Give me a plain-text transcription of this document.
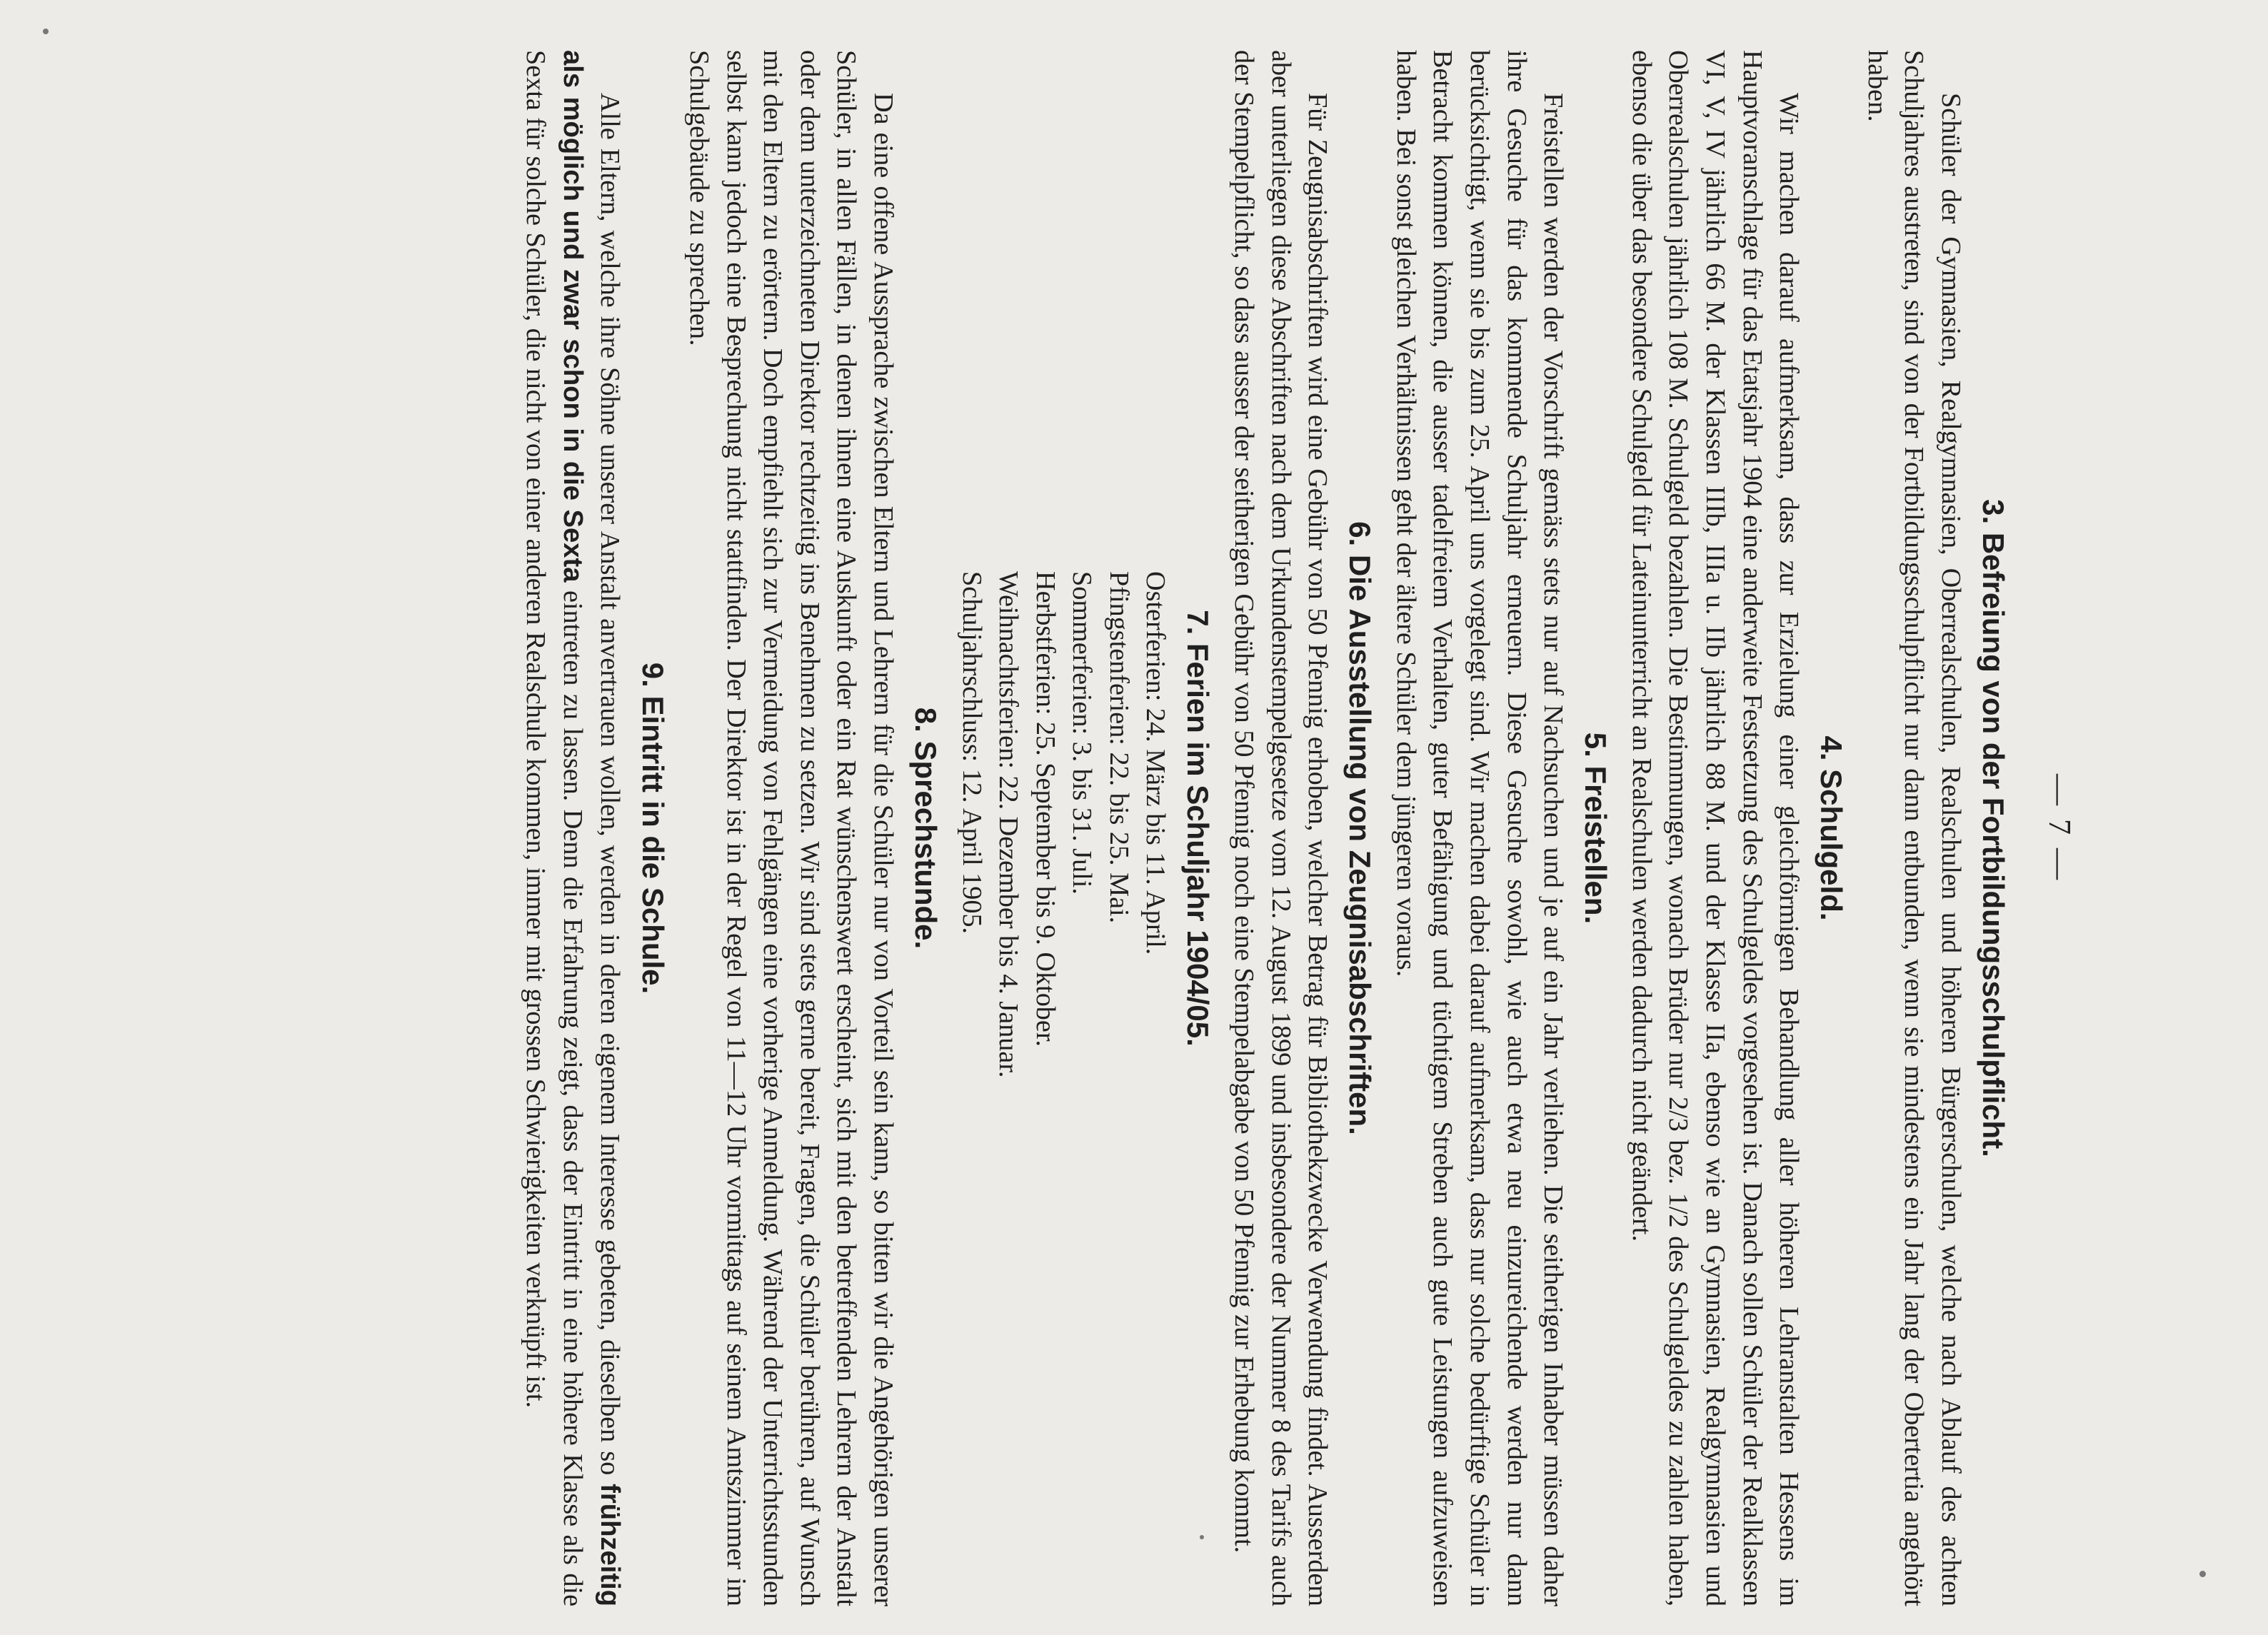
— 7 —
3. Befreiung von der Fortbildungsschulpflicht.

Schüler der Gymnasien, Realgymnasien, Oberrealschulen, Realschulen und höheren Bürgerschulen, welche nach Ablauf des achten Schuljahres austreten, sind von der Fortbildungsschulpflicht nur dann entbunden, wenn sie mindestens ein Jahr lang der Obertertia angehört haben.

4. Schulgeld.

Wir machen darauf aufmerksam, dass zur Erzielung einer gleichförmigen Behandlung aller höheren Lehranstalten Hessens im Hauptvoranschlage für das Etatsjahr 1904 eine anderweite Festsetzung des Schulgeldes vorgesehen ist. Danach sollen Schüler der Realklassen VI, V, IV jährlich 66 M. der Klassen IIIb, IIIa u. IIb jährlich 88 M. und der Klasse IIa, ebenso wie an Gymnasien, Realgymnasien und Oberrealschulen jährlich 108 M. Schulgeld bezahlen. Die Bestimmungen, wonach Brüder nur 2/3 bez. 1/2 des Schulgeldes zu zahlen haben, ebenso die über das besondere Schulgeld für Lateinunterricht an Realschulen werden dadurch nicht geändert.

5. Freistellen.

Freistellen werden der Vorschrift gemäss stets nur auf Nachsuchen und je auf ein Jahr verliehen. Die seitherigen Inhaber müssen daher ihre Gesuche für das kommende Schuljahr erneuern. Diese Gesuche sowohl, wie auch etwa neu einzureichende werden nur dann berücksichtigt, wenn sie bis zum 25. April uns vorgelegt sind. Wir machen dabei darauf aufmerksam, dass nur solche bedürftige Schüler in Betracht kommen können, die ausser tadelfreiem Verhalten, guter Befähigung und tüchtigem Streben auch gute Leistungen aufzuweisen haben. Bei sonst gleichen Verhältnissen geht der ältere Schüler dem jüngeren voraus.

6. Die Ausstellung von Zeugnisabschriften.

Für Zeugnisabschriften wird eine Gebühr von 50 Pfennig erhoben, welcher Betrag für Bibliothekzwecke Verwendung findet. Ausserdem aber unterliegen diese Abschriften nach dem Urkundenstempelgesetze vom 12. August 1899 und insbesondere der Nummer 8 des Tarifs auch der Stempelpflicht, so dass ausser der seitherigen Gebühr von 50 Pfennig noch eine Stempelabgabe von 50 Pfennig zur Erhebung kommt.

7. Ferien im Schuljahr 1904/05.
Osterferien: 24. März bis 11. April.
Pfingstenferien: 22. bis 25. Mai.
Sommerferien: 3. bis 31. Juli.
Herbstferien: 25. September bis 9. Oktober.
Weihnachtsferien: 22. Dezember bis 4. Januar.
Schuljahrschluss: 12. April 1905.
8. Sprechstunde.

Da eine offene Aussprache zwischen Eltern und Lehrern für die Schüler nur von Vorteil sein kann, so bitten wir die Angehörigen unserer Schüler, in allen Fällen, in denen ihnen eine Auskunft oder ein Rat wünschenswert erscheint, sich mit den betreffenden Lehrern der Anstalt oder dem unterzeichneten Direktor rechtzeitig ins Benehmen zu setzen. Wir sind stets gerne bereit, Fragen, die Schüler berühren, auf Wunsch mit den Eltern zu erörtern. Doch empfiehlt sich zur Vermeidung von Fehlgängen eine vorherige Anmeldung. Während der Unterrichtsstunden selbst kann jedoch eine Besprechung nicht stattfinden. Der Direktor ist in der Regel von 11—12 Uhr vormittags auf seinem Amtszimmer im Schulgebäude zu sprechen.

9. Eintritt in die Schule.

Alle Eltern, welche ihre Söhne unserer Anstalt anvertrauen wollen, werden in deren eigenem Interesse gebeten, dieselben so frühzeitig als möglich und zwar schon in die Sexta eintreten zu lassen. Denn die Erfahrung zeigt, dass der Eintritt in eine höhere Klasse als die Sexta für solche Schüler, die nicht von einer anderen Realschule kommen, immer mit grossen Schwierigkeiten verknüpft ist.
